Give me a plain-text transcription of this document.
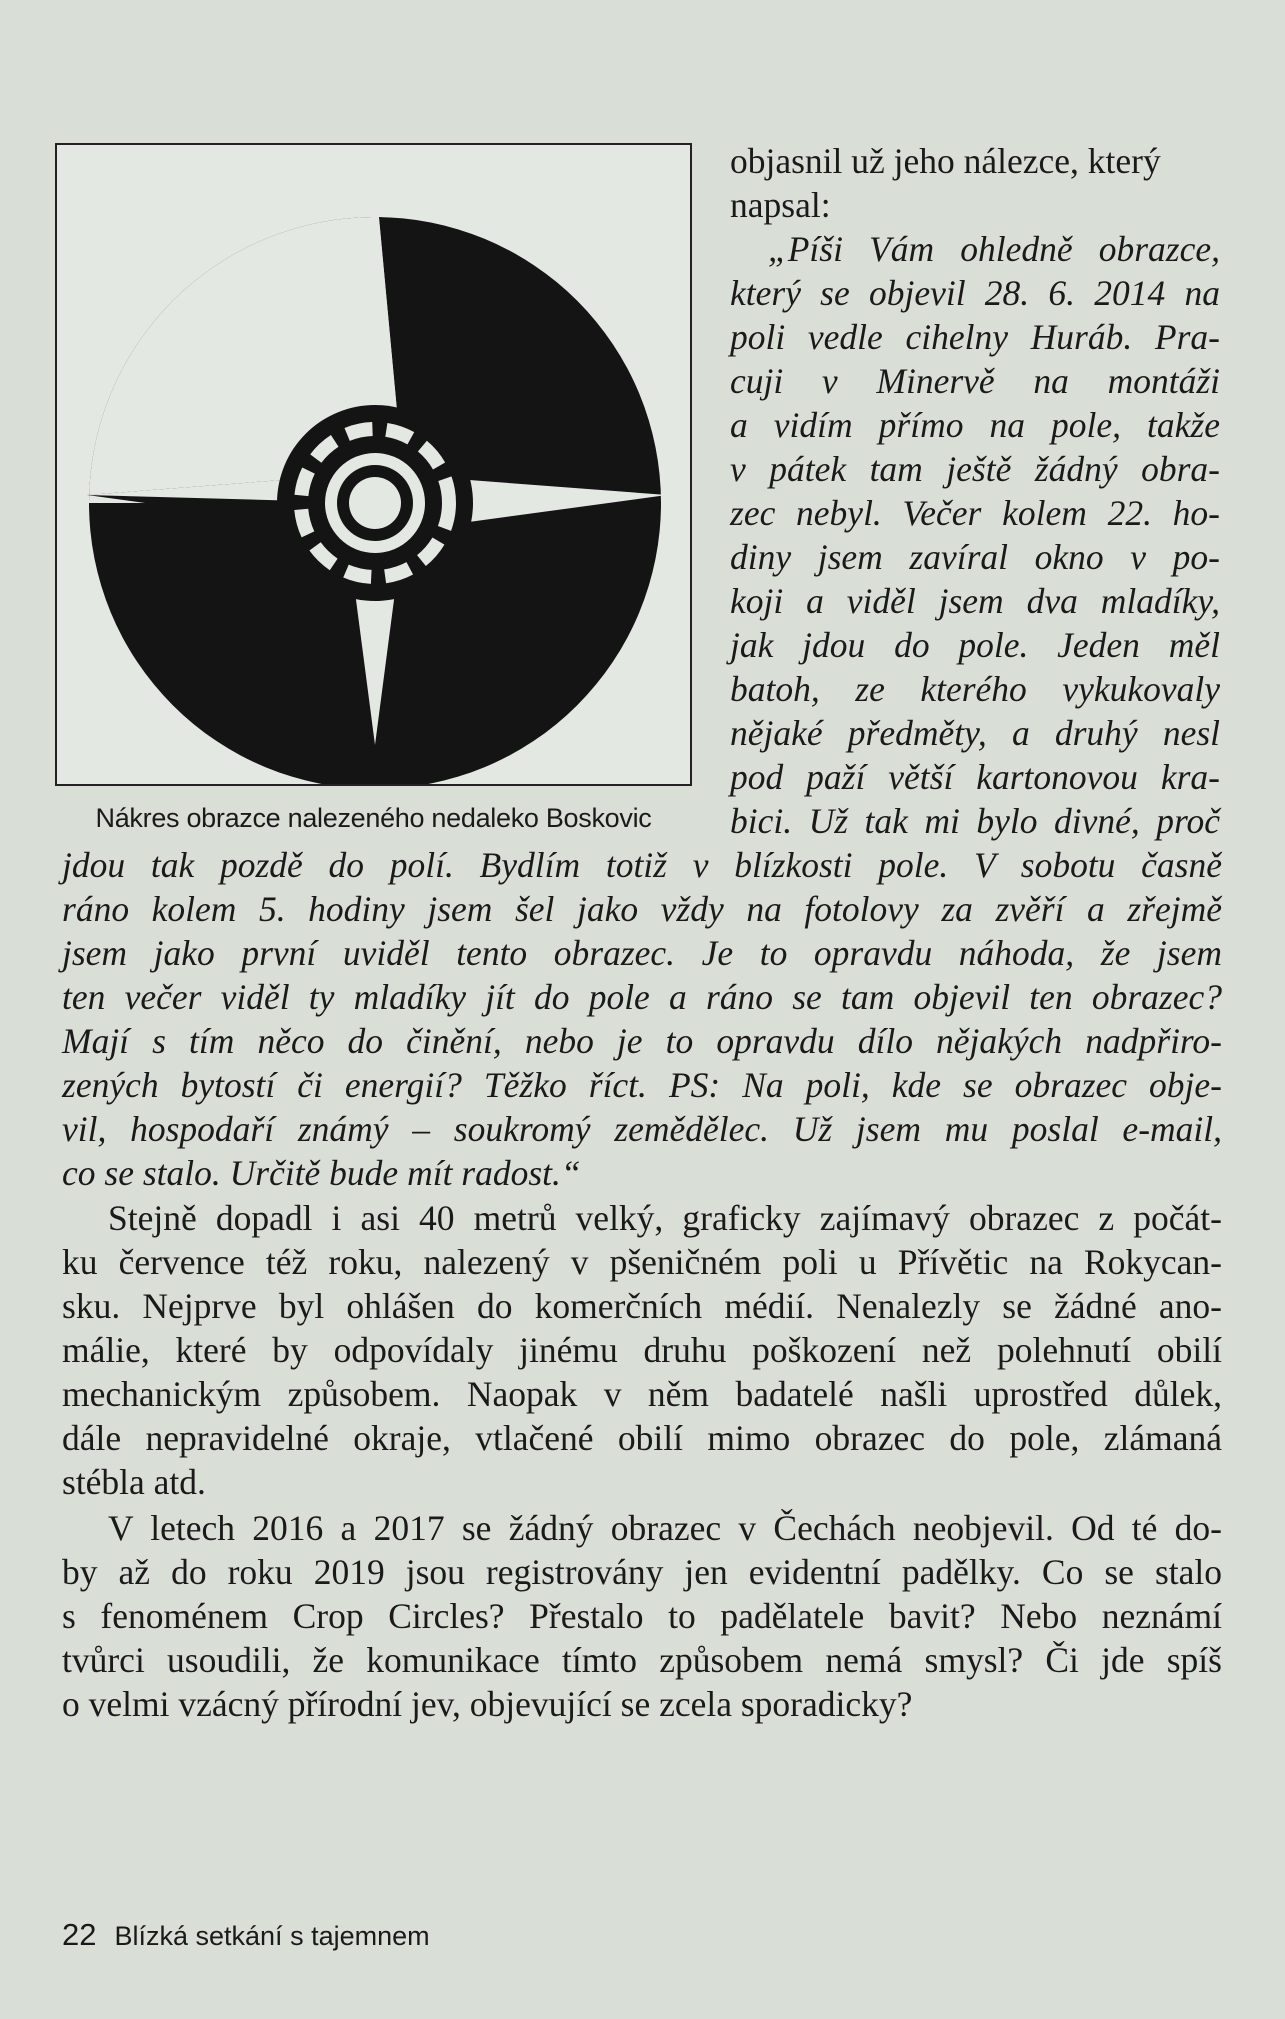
Nákres obrazce nalezeného nedaleko Boskovic
objasnil už jeho nálezce, který
napsal:
„Píši Vám ohledně obrazce,
který se objevil 28. 6. 2014 na
poli vedle cihelny Huráb. Pra-
cuji v Minervě na montáži
a vidím přímo na pole, takže
v pátek tam ještě žádný obra-
zec nebyl. Večer kolem 22. ho-
diny jsem zavíral okno v po-
koji a viděl jsem dva mladíky,
jak jdou do pole. Jeden měl
batoh, ze kterého vykukovaly
nějaké předměty, a druhý nesl
pod paží větší kartonovou kra-
bici. Už tak mi bylo divné, proč
jdou tak pozdě do polí. Bydlím totiž v blízkosti pole. V sobotu časně
ráno kolem 5. hodiny jsem šel jako vždy na fotolovy za zvěří a zřejmě
jsem jako první uviděl tento obrazec. Je to opravdu náhoda, že jsem
ten večer viděl ty mladíky jít do pole a ráno se tam objevil ten obrazec?
Mají s tím něco do činění, nebo je to opravdu dílo nějakých nadpřiro-
zených bytostí či energií? Těžko říct. PS: Na poli, kde se obrazec obje-
vil, hospodaří známý – soukromý zemědělec. Už jsem mu poslal e-mail,
co se stalo. Určitě bude mít radost.“
Stejně dopadl i asi 40 metrů velký, graficky zajímavý obrazec z počát-
ku července též roku, nalezený v pšeničném poli u Přívětic na Rokycan-
sku. Nejprve byl ohlášen do komerčních médií. Nenalezly se žádné ano-
málie, které by odpovídaly jinému druhu poškození než polehnutí obilí
mechanickým způsobem. Naopak v něm badatelé našli uprostřed důlek,
dále nepravidelné okraje, vtlačené obilí mimo obrazec do pole, zlámaná
stébla atd.
V letech 2016 a 2017 se žádný obrazec v Čechách neobjevil. Od té do-
by až do roku 2019 jsou registrovány jen evidentní padělky. Co se stalo
s fenoménem Crop Circles? Přestalo to padělatele bavit? Nebo neznámí
tvůrci usoudili, že komunikace tímto způsobem nemá smysl? Či jde spíš
o velmi vzácný přírodní jev, objevující se zcela sporadicky?
22 Blízká setkání s tajemnem
